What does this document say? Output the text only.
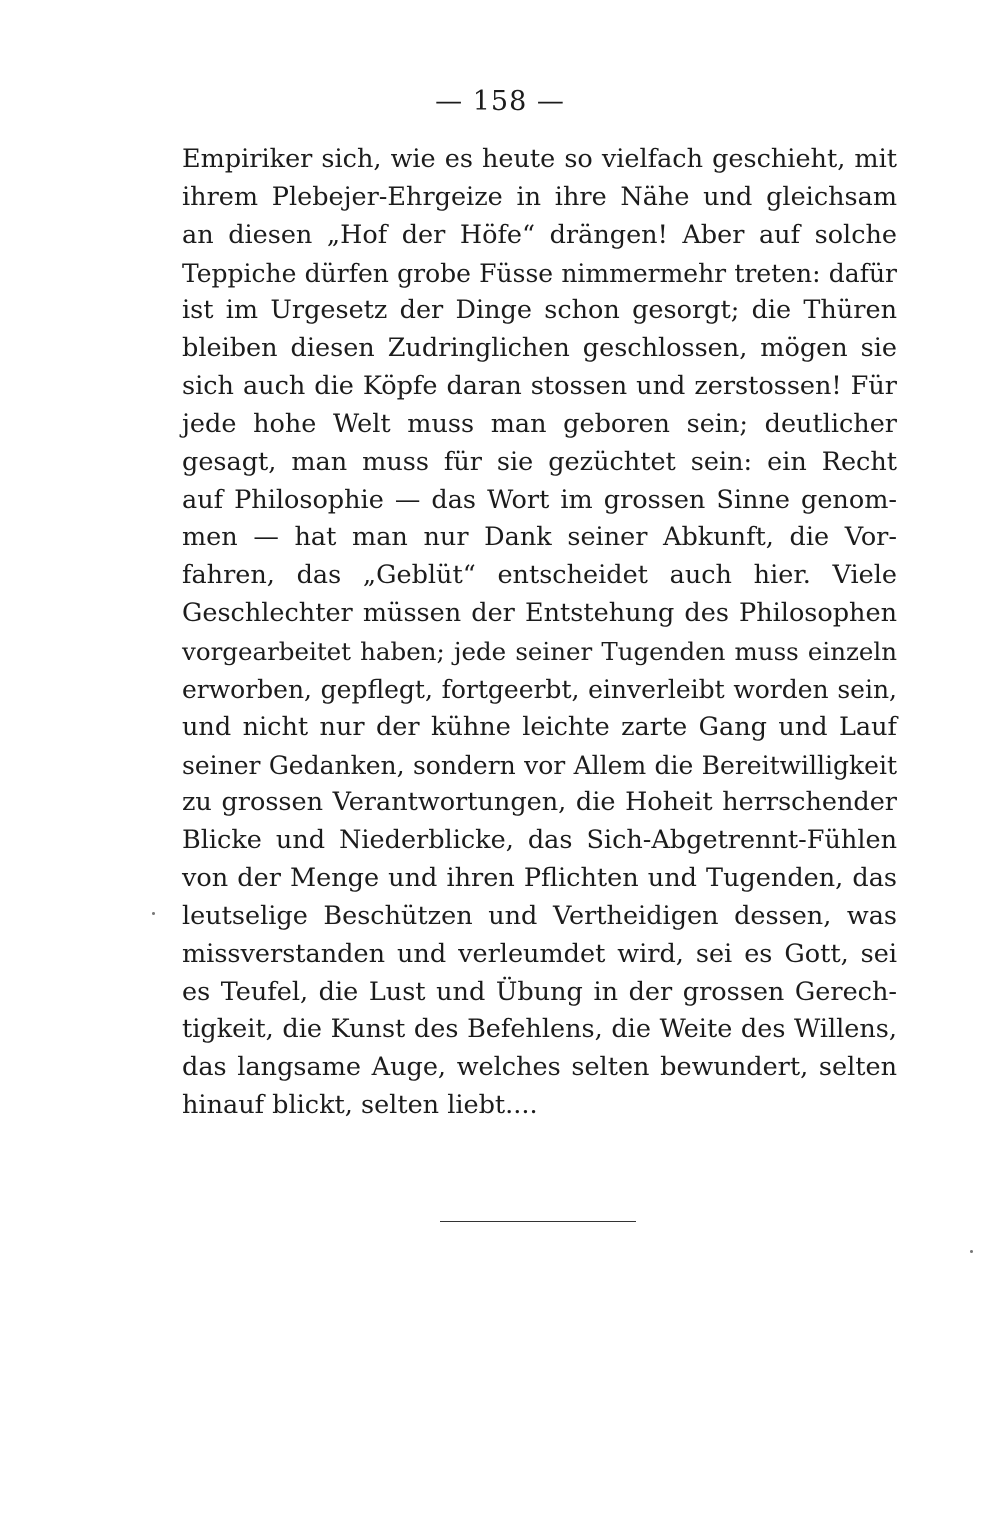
— 158 —
Empiriker sich, wie es heute so vielfach geschieht, mit
ihrem Plebejer-Ehrgeize in ihre Nähe und gleichsam
an diesen „Hof der Höfe“ drängen! Aber auf solche
Teppiche dürfen grobe Füsse nimmermehr treten: dafür
ist im Urgesetz der Dinge schon gesorgt; die Thüren
bleiben diesen Zudringlichen geschlossen, mögen sie
sich auch die Köpfe daran stossen und zerstossen! Für
jede hohe Welt muss man geboren sein; deutlicher
gesagt, man muss für sie gezüchtet sein: ein Recht
auf Philosophie — das Wort im grossen Sinne genom-
men — hat man nur Dank seiner Abkunft, die Vor-
fahren, das „Geblüt“ entscheidet auch hier. Viele
Geschlechter müssen der Entstehung des Philosophen
vorgearbeitet haben; jede seiner Tugenden muss einzeln
erworben, gepflegt, fortgeerbt, einverleibt worden sein,
und nicht nur der kühne leichte zarte Gang und Lauf
seiner Gedanken, sondern vor Allem die Bereitwilligkeit
zu grossen Verantwortungen, die Hoheit herrschender
Blicke und Niederblicke, das Sich-Abgetrennt-Fühlen
von der Menge und ihren Pflichten und Tugenden, das
leutselige Beschützen und Vertheidigen dessen, was
missverstanden und verleumdet wird, sei es Gott, sei
es Teufel, die Lust und Übung in der grossen Gerech-
tigkeit, die Kunst des Befehlens, die Weite des Willens,
das langsame Auge, welches selten bewundert, selten
hinauf blickt, selten liebt....
